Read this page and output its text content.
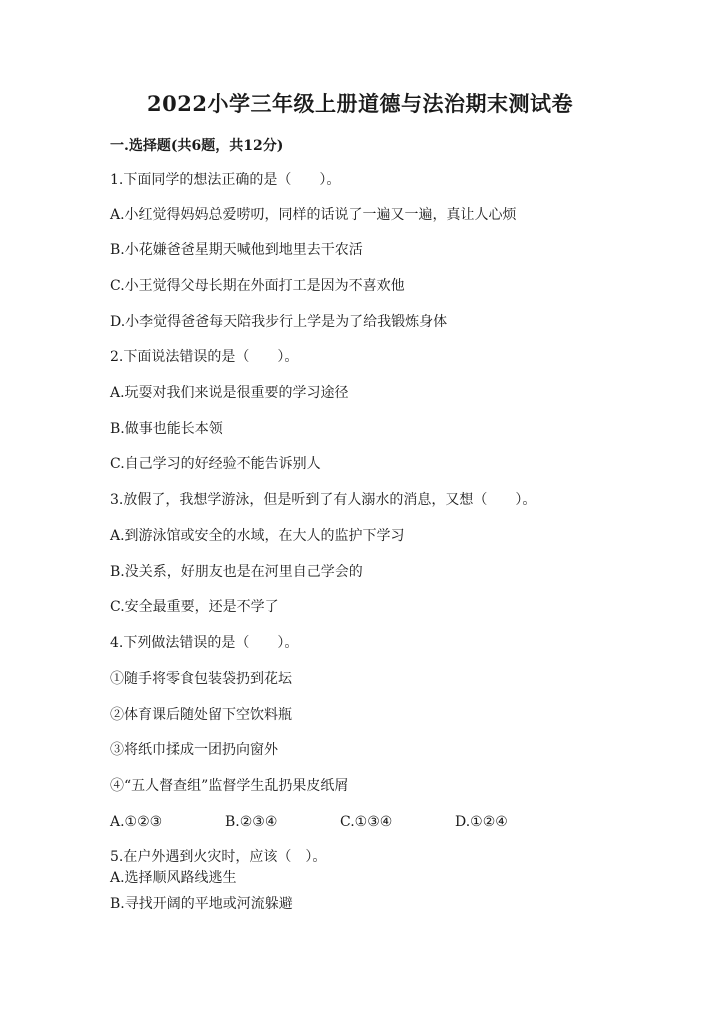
2022小学三年级上册道德与法治期末测试卷
一.选择题(共6题，共12分)
1.下面同学的想法正确的是（　　）。
A.小红觉得妈妈总爱唠叨，同样的话说了一遍又一遍，真让人心烦
B.小花嫌爸爸星期天喊他到地里去干农活
C.小王觉得父母长期在外面打工是因为不喜欢他
D.小李觉得爸爸每天陪我步行上学是为了给我锻炼身体
2.下面说法错误的是（　　）。
A.玩耍对我们来说是很重要的学习途径
B.做事也能长本领
C.自己学习的好经验不能告诉别人
3.放假了，我想学游泳，但是听到了有人溺水的消息，又想（　　）。
A.到游泳馆或安全的水域，在大人的监护下学习
B.没关系，好朋友也是在河里自己学会的
C.安全最重要，还是不学了
4.下列做法错误的是（　　）。
①随手将零食包装袋扔到花坛
②体育课后随处留下空饮料瓶
③将纸巾揉成一团扔向窗外
④“五人督查组”监督学生乱扔果皮纸屑
A.①②③	B.②③④	C.①③④	D.①②④
5.在户外遇到火灾时，应该（　）。
A.选择顺风路线逃生
B.寻找开阔的平地或河流躲避
